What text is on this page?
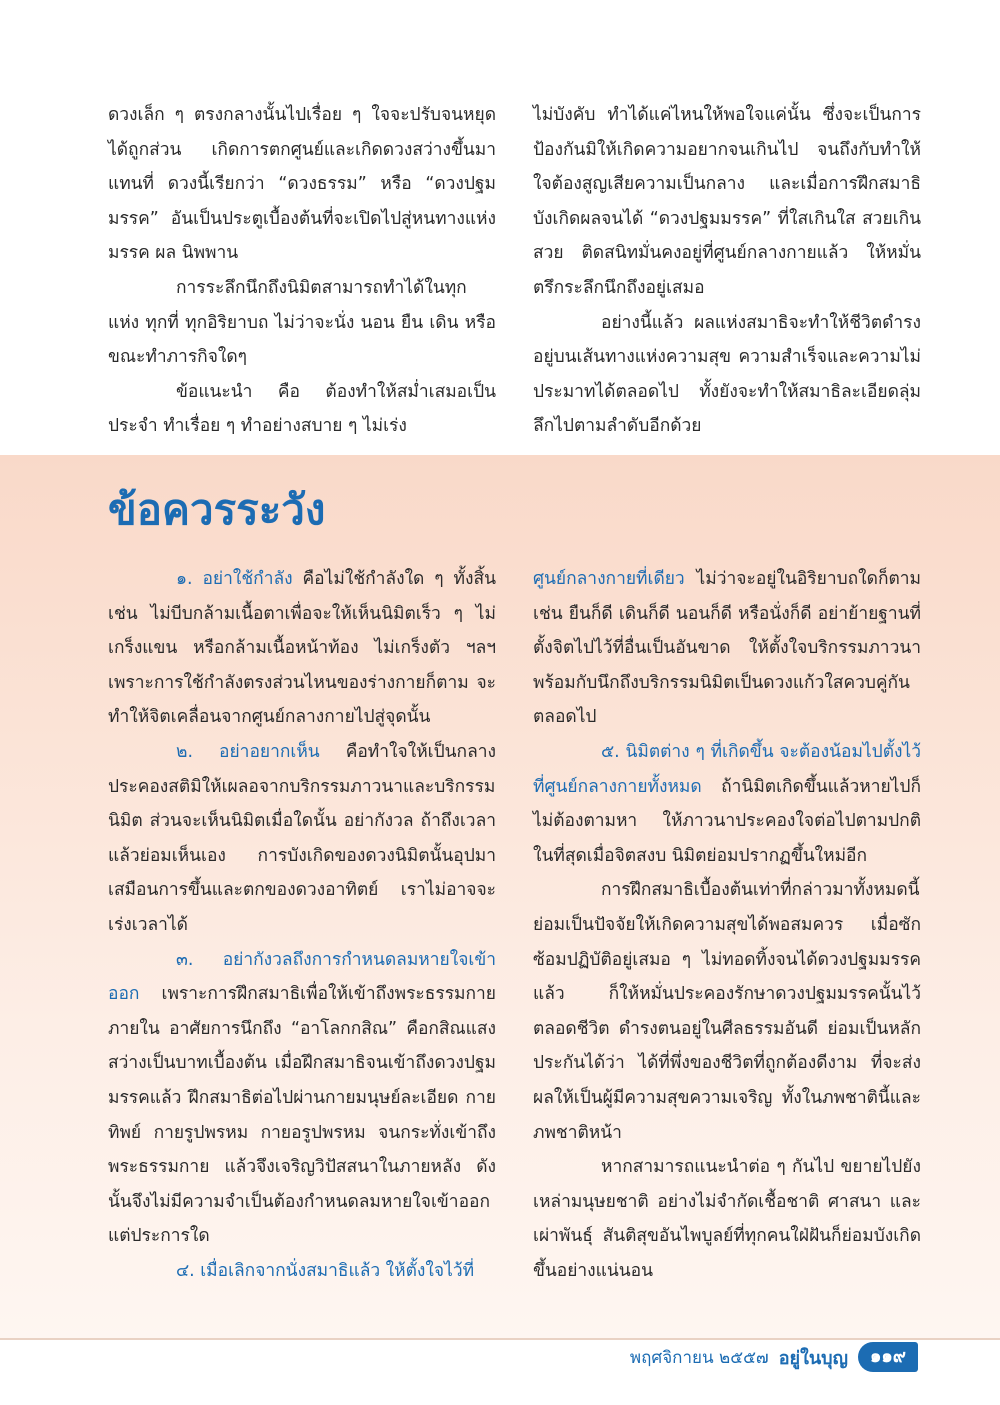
ดวงเล็ก ๆ ตรงกลางนั้นไปเรื่อย ๆ ใจจะปรับจนหยุดได้ถูกส่วน เกิดการตกศูนย์และเกิดดวงสว่างขึ้นมาแทนที่ ดวงนี้เรียกว่า “ดวงธรรม” หรือ “ดวงปฐมมรรค” อันเป็นประตูเบื้องต้นที่จะเปิดไปสู่หนทางแห่งมรรค ผล นิพพาน

การระลึกนึกถึงนิมิตสามารถทำได้ในทุกแห่ง ทุกที่ ทุกอิริยาบถ ไม่ว่าจะนั่ง นอน ยืน เดิน หรือขณะทำภารกิจใดๆ

ข้อแนะนำ คือ ต้องทำให้สม่ำเสมอเป็นประจำ ทำเรื่อย ๆ ทำอย่างสบาย ๆ ไม่เร่ง

ไม่บังคับ ทำได้แค่ไหนให้พอใจแค่นั้น ซึ่งจะเป็นการป้องกันมิให้เกิดความอยากจนเกินไป จนถึงกับทำให้ใจต้องสูญเสียความเป็นกลาง และเมื่อการฝึกสมาธิบังเกิดผลจนได้ “ดวงปฐมมรรค” ที่ใสเกินใส สวยเกินสวย ติดสนิทมั่นคงอยู่ที่ศูนย์กลางกายแล้ว ให้หมั่นตรึกระลึกนึกถึงอยู่เสมอ

อย่างนี้แล้ว ผลแห่งสมาธิจะทำให้ชีวิตดำรงอยู่บนเส้นทางแห่งความสุข ความสำเร็จและความไม่ประมาทได้ตลอดไป ทั้งยังจะทำให้สมาธิละเอียดลุ่มลึกไปตามลำดับอีกด้วย

ข้อควรระวัง

๑. อย่าใช้กำลัง คือไม่ใช้กำลังใด ๆ ทั้งสิ้น เช่น ไม่บีบกล้ามเนื้อตาเพื่อจะให้เห็นนิมิตเร็ว ๆ ไม่เกร็งแขน หรือกล้ามเนื้อหน้าท้อง ไม่เกร็งตัว ฯลฯ เพราะการใช้กำลังตรงส่วนไหนของร่างกายก็ตาม จะทำให้จิตเคลื่อนจากศูนย์กลางกายไปสู่จุดนั้น

๒. อย่าอยากเห็น คือทำใจให้เป็นกลาง ประคองสติมิให้เผลอจากบริกรรมภาวนาและบริกรรมนิมิต ส่วนจะเห็นนิมิตเมื่อใดนั้น อย่ากังวล ถ้าถึงเวลาแล้วย่อมเห็นเอง การบังเกิดของดวงนิมิตนั้นอุปมาเสมือนการขึ้นและตกของดวงอาทิตย์ เราไม่อาจจะเร่งเวลาได้

๓. อย่ากังวลถึงการกำหนดลมหายใจเข้าออก เพราะการฝึกสมาธิเพื่อให้เข้าถึงพระธรรมกายภายใน อาศัยการนึกถึง “อาโลกกสิณ” คือกสิณแสงสว่างเป็นบาทเบื้องต้น เมื่อฝึกสมาธิจนเข้าถึงดวงปฐมมรรคแล้ว ฝึกสมาธิต่อไปผ่านกายมนุษย์ละเอียด กายทิพย์ กายรูปพรหม กายอรูปพรหม จนกระทั่งเข้าถึงพระธรรมกาย แล้วจึงเจริญวิปัสสนาในภายหลัง ดังนั้นจึงไม่มีความจำเป็นต้องกำหนดลมหายใจเข้าออกแต่ประการใด

๔. เมื่อเลิกจากนั่งสมาธิแล้ว ให้ตั้งใจไว้ที่

ศูนย์กลางกายที่เดียว ไม่ว่าจะอยู่ในอิริยาบถใดก็ตาม เช่น ยืนก็ดี เดินก็ดี นอนก็ดี หรือนั่งก็ดี อย่าย้ายฐานที่ตั้งจิตไปไว้ที่อื่นเป็นอันขาด ให้ตั้งใจบริกรรมภาวนา พร้อมกับนึกถึงบริกรรมนิมิตเป็นดวงแก้วใสควบคู่กันตลอดไป

๕. นิมิตต่าง ๆ ที่เกิดขึ้น จะต้องน้อมไปตั้งไว้ที่ศูนย์กลางกายทั้งหมด ถ้านิมิตเกิดขึ้นแล้วหายไปก็ไม่ต้องตามหา ให้ภาวนาประคองใจต่อไปตามปกติ ในที่สุดเมื่อจิตสงบ นิมิตย่อมปรากฏขึ้นใหม่อีก

การฝึกสมาธิเบื้องต้นเท่าที่กล่าวมาทั้งหมดนี้ ย่อมเป็นปัจจัยให้เกิดความสุขได้พอสมควร เมื่อซักซ้อมปฏิบัติอยู่เสมอ ๆ ไม่ทอดทิ้งจนได้ดวงปฐมมรรคแล้ว ก็ให้หมั่นประคองรักษาดวงปฐมมรรคนั้นไว้ตลอดชีวิต ดำรงตนอยู่ในศีลธรรมอันดี ย่อมเป็นหลักประกันได้ว่า ได้ที่พึ่งของชีวิตที่ถูกต้องดีงาม ที่จะส่งผลให้เป็นผู้มีความสุขความเจริญ ทั้งในภพชาตินี้และภพชาติหน้า

หากสามารถแนะนำต่อ ๆ กันไป ขยายไปยังเหล่ามนุษยชาติ อย่างไม่จำกัดเชื้อชาติ ศาสนา และเผ่าพันธุ์ สันติสุขอันไพบูลย์ที่ทุกคนใฝ่ฝันก็ย่อมบังเกิดขึ้นอย่างแน่นอน

พฤศจิกายน ๒๕๕๗ อยู่ในบุญ	๑๑๙
